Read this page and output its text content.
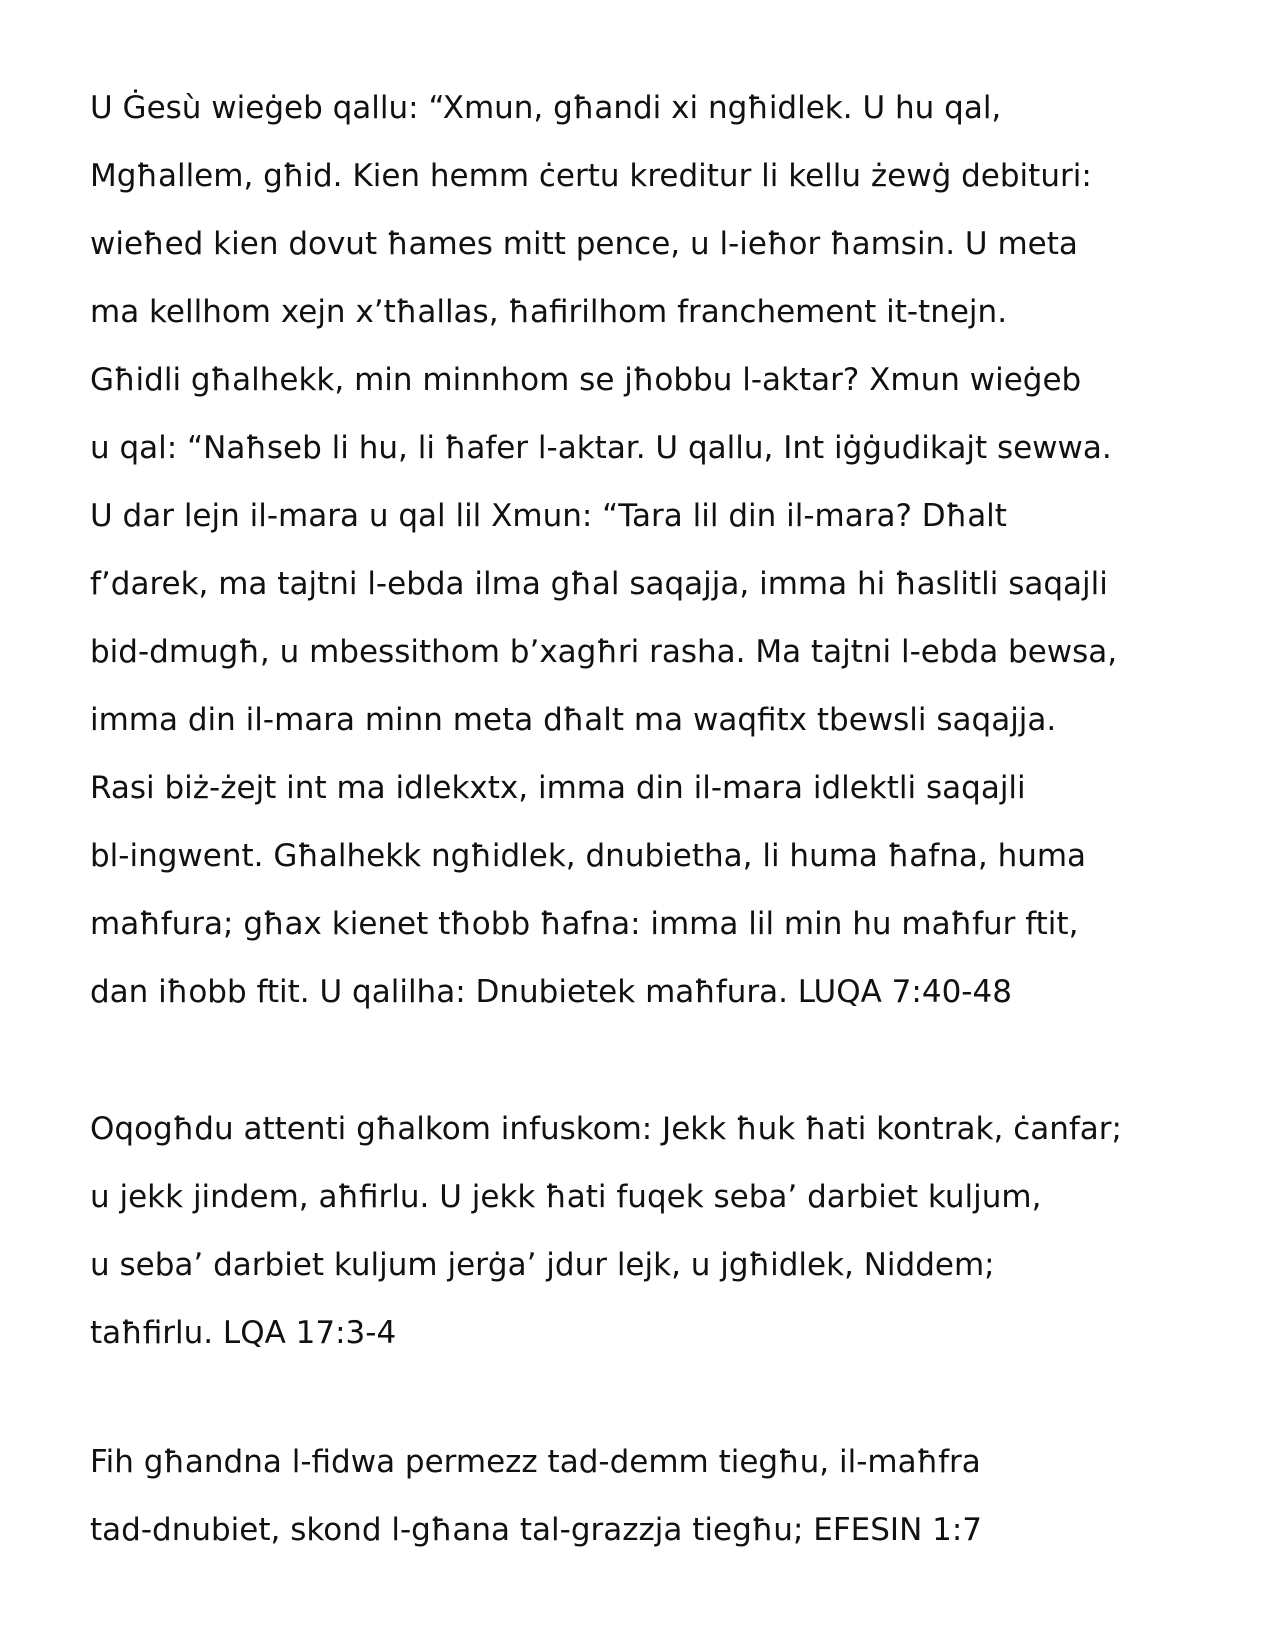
U Ġesù wieġeb qallu: “Xmun, għandi xi ngħidlek. U hu qal,
Mgħallem, għid. Kien hemm ċertu kreditur li kellu żewġ debituri:
wieħed kien dovut ħames mitt pence, u l-ieħor ħamsin. U meta
ma kellhom xejn x’tħallas, ħafirilhom franchement it-tnejn.
Għidli għalhekk, min minnhom se jħobbu l-aktar? Xmun wieġeb
u qal: “Naħseb li hu, li ħafer l-aktar. U qallu, Int iġġudikajt sewwa.
U dar lejn il-mara u qal lil Xmun: “Tara lil din il-mara? Dħalt
f’darek, ma tajtni l-ebda ilma għal saqajja, imma hi ħaslitli saqajli
bid-dmugħ, u mbessithom b’xagħri rasha. Ma tajtni l-ebda bewsa,
imma din il-mara minn meta dħalt ma waqfitx tbewsli saqajja.
Rasi biż-żejt int ma idlekxtx, imma din il-mara idlektli saqajli
bl-ingwent. Għalhekk ngħidlek, dnubietha, li huma ħafna, huma
maħfura; għax kienet tħobb ħafna: imma lil min hu maħfur ftit,
dan iħobb ftit. U qalilha: Dnubietek maħfura. LUQA 7:40-48
Oqogħdu attenti għalkom infuskom: Jekk ħuk ħati kontrak, ċanfar;
u jekk jindem, aħfirlu. U jekk ħati fuqek seba’ darbiet kuljum,
u seba’ darbiet kuljum jerġa’ jdur lejk, u jgħidlek, Niddem;
taħfirlu. LQA 17:3-4
Fih għandna l-fidwa permezz tad-demm tiegħu, il-maħfra
tad-dnubiet, skond l-għana tal-grazzja tiegħu; EFESIN 1:7
